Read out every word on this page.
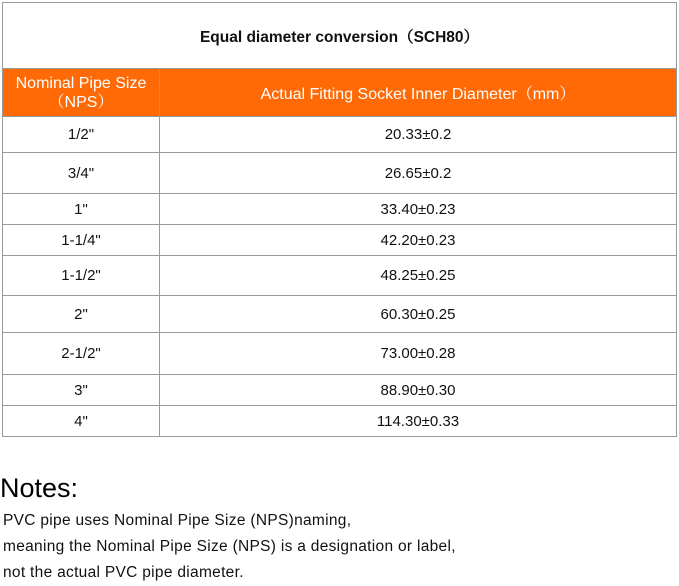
Equal diameter conversion（SCH80）	
Nominal Pipe Size
（NPS）	Actual Fitting Socket Inner Diameter（mm）
1/2"	20.33±0.2
3/4"	26.65±0.2
1"	33.40±0.23
1-1/4"	42.20±0.23
1-1/2"	48.25±0.25
2"	60.30±0.25
2-1/2"	73.00±0.28
3"	88.90±0.30
4"	114.30±0.33
Notes:
PVC pipe uses Nominal Pipe Size (NPS)naming,
meaning the Nominal Pipe Size (NPS) is a designation or label,
not the actual PVC pipe diameter.
